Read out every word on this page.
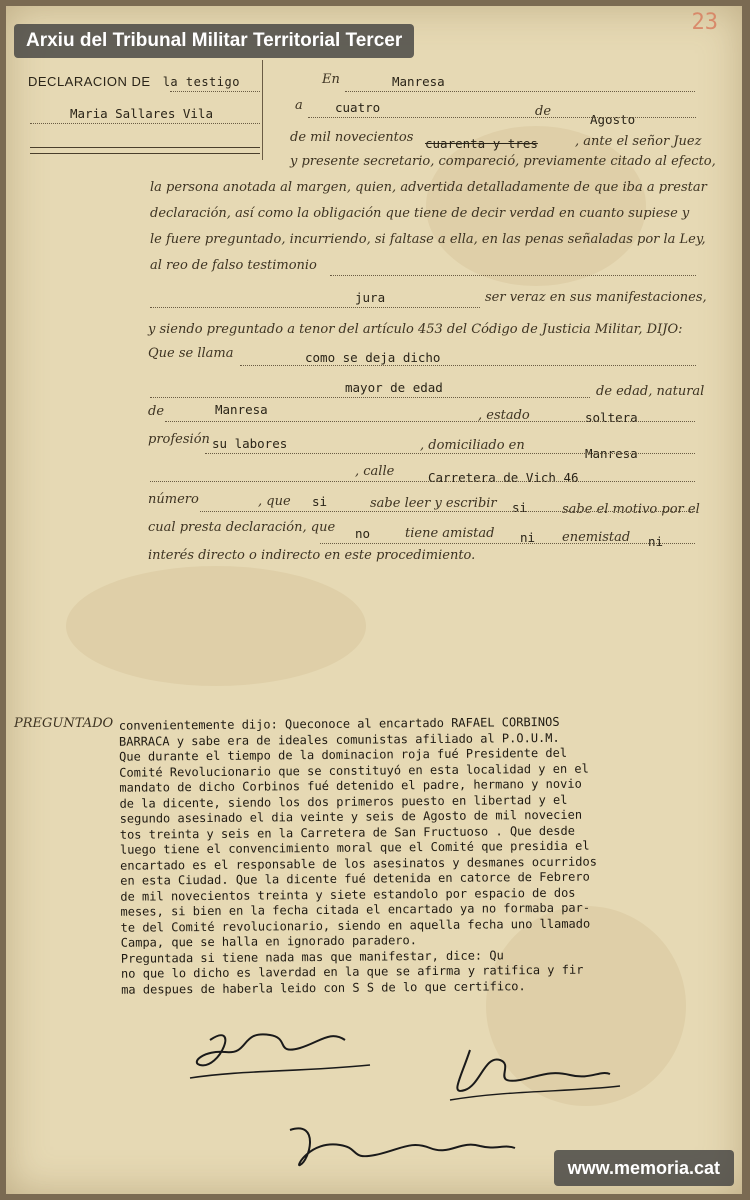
Arxiu del Tribunal Militar Territorial Tercer
23
DECLARACION DE la testigo
Maria Sallares Vila
En	Manresa
a	cuatro	de
Agosto
de mil novecientos cuarenta y tres	, ante el señor Juez
y presente secretario, compareció, previamente citado al efecto,
la persona anotada al margen, quien, advertida detalladamente de que iba a prestar
declaración, así como la obligación que tiene de decir verdad en cuanto supiese y
le fuere preguntado, incurriendo, si faltase a ella, en las penas señaladas por la Ley,
al reo de falso testimonio
jura	ser veraz en sus manifestaciones,
y siendo preguntado a tenor del artículo 453 del Código de Justicia Militar, DIJO:
Que se llama	como se deja dicho
mayor de edad	de edad, natural
de	Manresa	, estado	soltera
profesión su labores	, domiciliado en
Manresa
, calle	Carretera de Vich 46
número	, que si	sabe leer y escribir si	sabe el motivo por el
cual presta declaración, que no	tiene amistad ni enemistad ni
interés directo o indirecto en este procedimiento.
PREGUNTADO convenientemente dijo: Queconoce al encartado RAFAEL CORBINOS
BARRACA y sabe era de ideales comunistas afiliado al P.O.U.M.
Que durante el tiempo de la dominacion roja fué Presidente del
Comité Revolucionario que se constituyó en esta localidad y en el
mandato de dicho Corbinos fué detenido el padre, hermano y novio
de la dicente, siendo los dos primeros puesto en libertad y el
segundo asesinado el dia veinte y seis de Agosto de mil novecien
tos treinta y seis en la Carretera de San Fructuoso . Que desde
luego tiene el convencimiento moral que el Comité que presidia el
encartado es el responsable de los asesinatos y desmanes ocurridos
en esta Ciudad. Que la dicente fué detenida en catorce de Febrero
de mil novecientos treinta y siete estandolo por espacio de dos
meses, si bien en la fecha citada el encartado ya no formaba par-
te del Comité revolucionario, siendo en aquella fecha uno llamado
Campa, que se halla en ignorado paradero.
Preguntada si tiene nada mas que manifestar, dice: Qu
no que lo dicho es laverdad en la que se afirma y ratifica y fir
ma despues de haberla leido con S S de lo que certifico.
www.memoria.cat
